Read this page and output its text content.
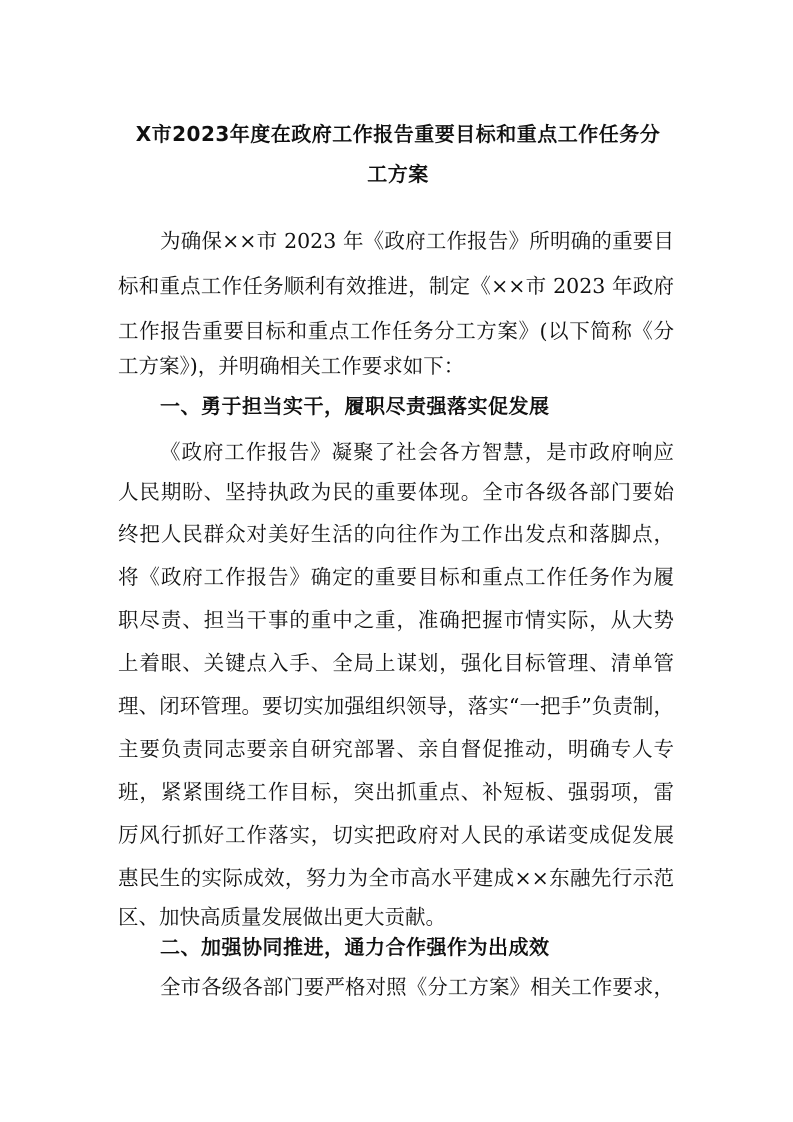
X市2023年度在政府工作报告重要目标和重点工作任务分
工方案
为确保××市 2023 年《政府工作报告》所明确的重要目
标和重点工作任务顺利有效推进，制定《××市 2023 年政府
工作报告重要目标和重点工作任务分工方案》(以下简称《分
工方案》)，并明确相关工作要求如下：
一、勇于担当实干，履职尽责强落实促发展
《政府工作报告》凝聚了社会各方智慧，是市政府响应
人民期盼、坚持执政为民的重要体现。全市各级各部门要始
终把人民群众对美好生活的向往作为工作出发点和落脚点，
将《政府工作报告》确定的重要目标和重点工作任务作为履
职尽责、担当干事的重中之重，准确把握市情实际，从大势
上着眼、关键点入手、全局上谋划，强化目标管理、清单管
理、闭环管理。要切实加强组织领导，落实“一把手”负责制，
主要负责同志要亲自研究部署、亲自督促推动，明确专人专
班，紧紧围绕工作目标，突出抓重点、补短板、强弱项，雷
厉风行抓好工作落实，切实把政府对人民的承诺变成促发展
惠民生的实际成效，努力为全市高水平建成××东融先行示范
区、加快高质量发展做出更大贡献。
二、加强协同推进，通力合作强作为出成效
全市各级各部门要严格对照《分工方案》相关工作要求，
